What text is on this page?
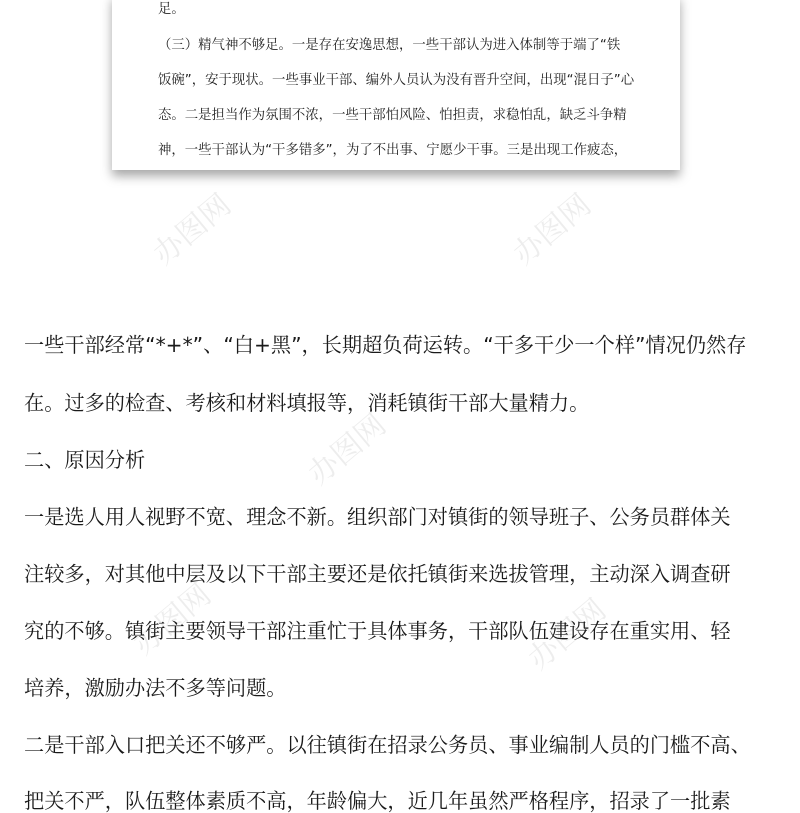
足。
（三）精气神不够足。一是存在安逸思想，一些干部认为进入体制等于端了“铁
饭碗”，安于现状。一些事业干部、编外人员认为没有晋升空间，出现“混日子”心
态。二是担当作为氛围不浓，一些干部怕风险、怕担责，求稳怕乱，缺乏斗争精
神，一些干部认为“干多错多”，为了不出事、宁愿少干事。三是出现工作疲态，
一些干部经常“*+*”、“白+黑”，长期超负荷运转。“干多干少一个样”情况仍然存
在。过多的检查、考核和材料填报等，消耗镇街干部大量精力。
二、原因分析
一是选人用人视野不宽、理念不新。组织部门对镇街的领导班子、公务员群体关
注较多，对其他中层及以下干部主要还是依托镇街来选拔管理，主动深入调查研
究的不够。镇街主要领导干部注重忙于具体事务，干部队伍建设存在重实用、轻
培养，激励办法不多等问题。
二是干部入口把关还不够严。以往镇街在招录公务员、事业编制人员的门槛不高、
把关不严，队伍整体素质不高，年龄偏大，近几年虽然严格程序，招录了一批素
办图网	办图网
办图网
办图网	办图网
